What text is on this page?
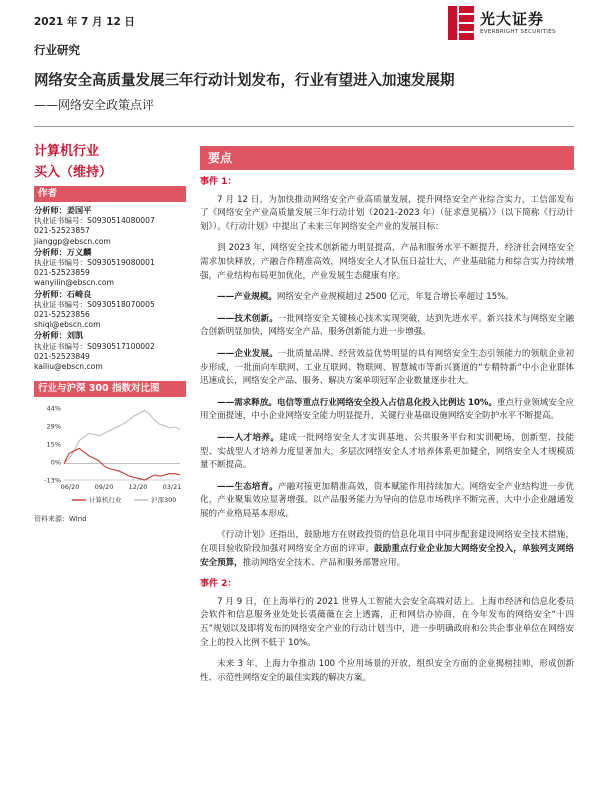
2021 年 7 月 12 日	光大证券
EVERBRIGHT SECURITIES
行业研究
网络安全高质量发展三年行动计划发布，行业有望进入加速发展期
——网络安全政策点评
计算机行业
买入（维持）
作者
分析师：姜国平
执业证书编号：S0930514080007
021-52523857
jianggp@ebscn.com
分析师：万义麟
执业证书编号：S0930519080001
021-52523859
wanyilin@ebscn.com
分析师：石崎良
执业证书编号：S0930518070005
021-52523856
shiql@ebscn.com
分析师：刘凯
执业证书编号：S0930517100002
021-52523849
kailiu@ebscn.com
行业与沪深 300 指数对比图
44%
29%
15%
0%
-13%
06/20 09/20 12/20 03/21
计算机行业	沪深300
资料来源：Wind
要点
事件 1：

7 月 12 日，为加快推动网络安全产业高质量发展，提升网络安全产业综合实力，工信部发布了《网络安全产业高质量发展三年行动计划（2021-2023 年）（征求意见稿）》（以下简称《行动计划》）。《行动计划》中提出了未来三年网络安全产业的发展目标：

到 2023 年，网络安全技术创新能力明显提高，产品和服务水平不断提升，经济社会网络安全需求加快释放，产融合作精准高效，网络安全人才队伍日益壮大，产业基础能力和综合实力持续增强，产业结构布局更加优化，产业发展生态健康有序。

——产业规模。网络安全产业规模超过 2500 亿元，年复合增长率超过 15%。

——技术创新。一批网络安全关键核心技术实现突破，达到先进水平。新兴技术与网络安全融合创新明显加快，网络安全产品、服务创新能力进一步增强。

——企业发展。一批质量品牌、经营效益优势明显的具有网络安全生态引领能力的领航企业初步形成，一批面向车联网、工业互联网、物联网、智慧城市等新兴赛道的“专精特新”中小企业群体迅速成长，网络安全产品、服务、解决方案单项冠军企业数量逐步壮大。

——需求释放。电信等重点行业网络安全投入占信息化投入比例达 10%。重点行业领域安全应用全面提速，中小企业网络安全能力明显提升，关键行业基础设施网络安全防护水平不断提高。

——人才培养。建成一批网络安全人才实训基地、公共服务平台和实训靶场，创新型、技能型、实战型人才培养力度显著加大，多层次网络安全人才培养体系更加健全，网络安全人才规模质量不断提高。

——生态培育。产融对接更加精准高效，资本赋能作用持续加大。网络安全产业结构进一步优化，产业聚集效应显著增强。以产品服务能力为导向的信息市场秩序不断完善，大中小企业融通发展的产业格局基本形成。

《行动计划》还指出，鼓励地方在财政投资的信息化项目中同步配套建设网络安全技术措施，在项目验收阶段加强对网络安全方面的评审。鼓励重点行业企业加大网络安全投入，单独列支网络安全预算，推动网络安全技术、产品和服务部署应用。

事件 2：

7 月 9 日，在上海举行的 2021 世界人工智能大会安全高端对话上。上海市经济和信息化委员会软件和信息服务业处处长裘薇薇在会上透露，正和网信办协商，在今年发布的网络安全“十四五”规划以及即将发布的网络安全产业的行动计划当中，进一步明确政府和公共企事业单位在网络安全上的投入比例不低于 10%。

未来 3 年，上海力争推动 100 个应用场景的开放，组织安全方面的企业揭榜挂帅，形成创新性、示范性网络安全的最佳实践的解决方案。
